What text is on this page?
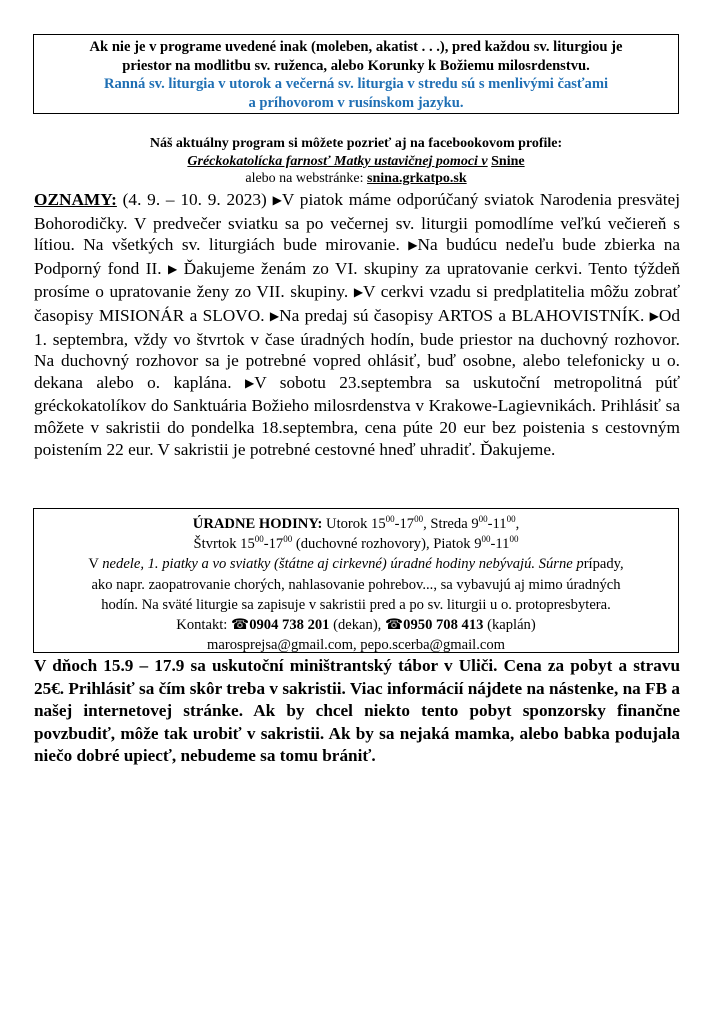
Ak nie je v programe uvedené inak (moleben, akatist . . .), pred každou sv. liturgiou je
priestor na modlitbu sv. ruženca, alebo Korunky k Božiemu milosrdenstvu.
Ranná sv. liturgia v utorok a večerná sv. liturgia v stredu sú s menlivými časťami
a príhovorom v rusínskom jazyku.
Náš aktuálny program si môžete pozrieť aj na facebookovom profile:
Gréckokatolícka farnosť Matky ustavičnej pomoci v Snine
alebo na webstránke: snina.grkatpo.sk
OZNAMY: (4. 9. – 10. 9. 2023) ▶V piatok máme odporúčaný sviatok Narodenia presvätej Bohorodičky. V predvečer sviatku sa po večernej sv. liturgii pomodlíme veľkú večiereň s lítiou. Na všetkých sv. liturgiách bude mirovanie. ▶Na budúcu nedeľu bude zbierka na Podporný fond II. ▶ Ďakujeme ženám zo VI. skupiny za upratovanie cerkvi. Tento týždeň prosíme o upratovanie ženy zo VII. skupiny. ▶V cerkvi vzadu si predplatitelia môžu zobrať časopisy MISIONÁR a SLOVO. ▶Na predaj sú časopisy ARTOS a BLAHOVISTNÍK. ▶Od 1. septembra, vždy vo štvrtok v čase úradných hodín, bude priestor na duchovný rozhovor. Na duchovný rozhovor sa je potrebné vopred ohlásiť, buď osobne, alebo telefonicky u o. dekana alebo o. kaplána. ▶V sobotu 23.septembra sa uskutoční metropolitná púť gréckokatolíkov do Sanktuária Božieho milosrdenstva v Krakowe-Lagievnikách. Prihlásiť sa môžete v sakristii do pondelka 18.septembra, cena púte 20 eur bez poistenia s cestovným poistením 22 eur. V sakristii je potrebné cestovné hneď uhradiť. Ďakujeme.
ÚRADNE HODINY: Utorok $15^{00}-17^{00}$, Streda $9^{00}-11^{00}$,
Štvrtok $15^{00}-17^{00}$ (duchovné rozhovory), Piatok $9^{00}-11^{00}$
V nedele, 1. piatky a vo sviatky (štátne aj cirkevné) úradné hodiny nebývajú. Súrne prípady,
ako napr. zaopatrovanie chorých, nahlasovanie pohrebov..., sa vybavujú aj mimo úradných
hodín. Na sväté liturgie sa zapisuje v sakristii pred a po sv. liturgii u o. protopresbytera.
Kontakt: ☎0904 738 201 (dekan), ☎0950 708 413 (kaplán)
marosprejsa@gmail.com, pepo.scerba@gmail.com
V dňoch 15.9 – 17.9 sa uskutoční miništrantský tábor v Uliči. Cena za pobyt a stravu 25€. Prihlásiť sa čím skôr treba v sakristii. Viac informácií nájdete na nástenke, na FB a našej internetovej stránke. Ak by chcel niekto tento pobyt sponzorsky finančne povzbudiť, môže tak urobiť v sakristii. Ak by sa nejaká mamka, alebo babka podujala niečo dobré upiecť, nebudeme sa tomu brániť.
